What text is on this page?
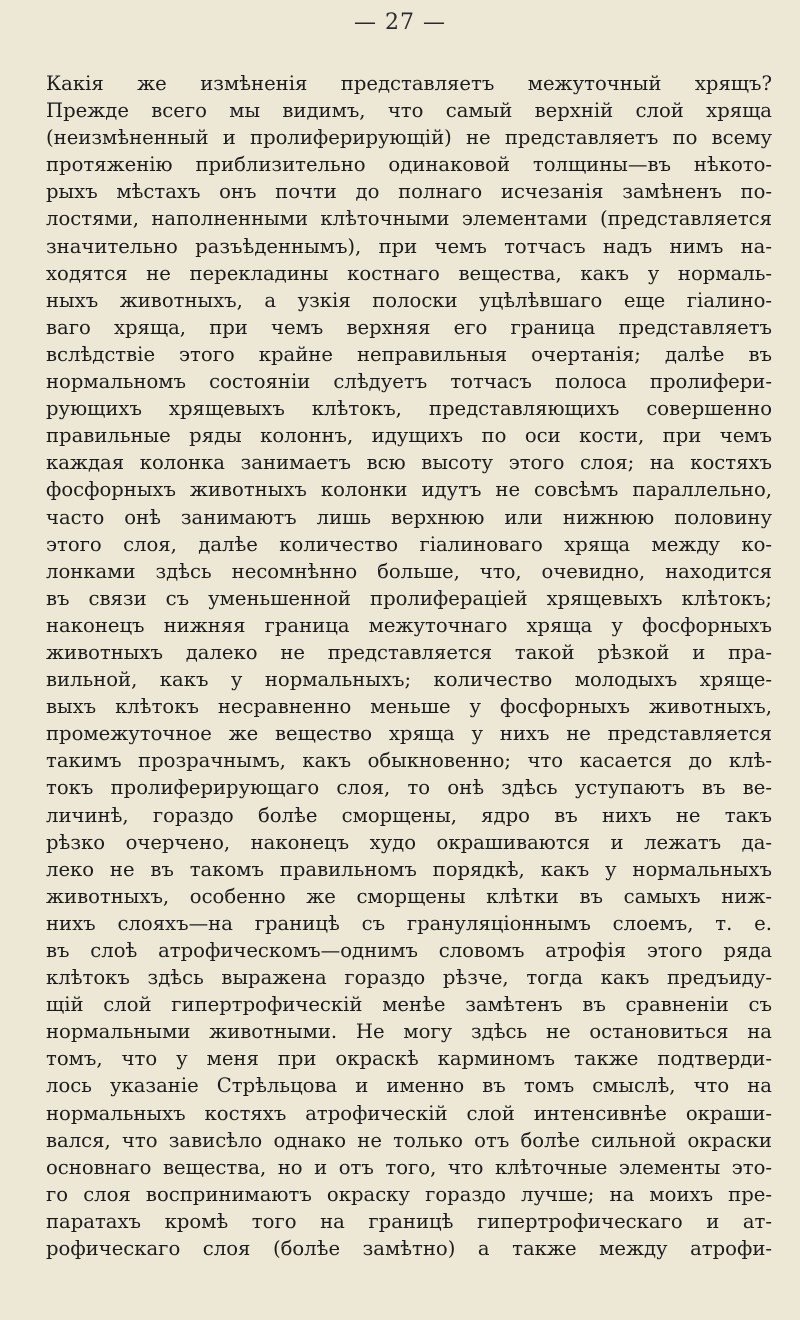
— 27 —
Какія же измѣненія представляетъ межуточный хрящъ?
Прежде всего мы видимъ, что самый верхній слой хряща
(неизмѣненный и пролиферирующій) не представляетъ по всему
протяженію приблизительно одинаковой толщины—въ нѣкото-
рыхъ мѣстахъ онъ почти до полнаго исчезанія замѣненъ по-
лостями, наполненными клѣточными элементами (представляется
значительно разъѣденнымъ), при чемъ тотчасъ надъ нимъ на-
ходятся не перекладины костнаго вещества, какъ у нормаль-
ныхъ животныхъ, а узкія полоски уцѣлѣвшаго еще гіалино-
ваго хряща, при чемъ верхняя его граница представляетъ
вслѣдствіе этого крайне неправильныя очертанія; далѣе въ
нормальномъ состояніи слѣдуетъ тотчасъ полоса пролифери-
рующихъ хрящевыхъ клѣтокъ, представляющихъ совершенно
правильные ряды колоннъ, идущихъ по оси кости, при чемъ
каждая колонка занимаетъ всю высоту этого слоя; на костяхъ
фосфорныхъ животныхъ колонки идутъ не совсѣмъ параллельно,
часто онѣ занимаютъ лишь верхнюю или нижнюю половину
этого слоя, далѣе количество гіалиноваго хряща между ко-
лонками здѣсь несомнѣнно больше, что, очевидно, находится
въ связи съ уменьшенной пролифераціей хрящевыхъ клѣтокъ;
наконецъ нижняя граница межуточнаго хряща у фосфорныхъ
животныхъ далеко не представляется такой рѣзкой и пра-
вильной, какъ у нормальныхъ; количество молодыхъ хряще-
выхъ клѣтокъ несравненно меньше у фосфорныхъ животныхъ,
промежуточное же вещество хряща у нихъ не представляется
такимъ прозрачнымъ, какъ обыкновенно; что касается до клѣ-
токъ пролиферирующаго слоя, то онѣ здѣсь уступаютъ въ ве-
личинѣ, гораздо болѣе сморщены, ядро въ нихъ не такъ
рѣзко очерчено, наконецъ худо окрашиваются и лежатъ да-
леко не въ такомъ правильномъ порядкѣ, какъ у нормальныхъ
животныхъ, особенно же сморщены клѣтки въ самыхъ ниж-
нихъ слояхъ—на границѣ съ грануляціоннымъ слоемъ, т. е.
въ слоѣ атрофическомъ—однимъ словомъ атрофія этого ряда
клѣтокъ здѣсь выражена гораздо рѣзче, тогда какъ предъиду-
щій слой гипертрофическій менѣе замѣтенъ въ сравненіи съ
нормальными животными. Не могу здѣсь не остановиться на
томъ, что у меня при окраскѣ карминомъ также подтверди-
лось указаніе Стрѣльцова и именно въ томъ смыслѣ, что на
нормальныхъ костяхъ атрофическій слой интенсивнѣе окраши-
вался, что зависѣло однако не только отъ болѣе сильной окраски
основнаго вещества, но и отъ того, что клѣточные элементы это-
го слоя воспринимаютъ окраску гораздо лучше; на моихъ пре-
паратахъ кромѣ того на границѣ гипертрофическаго и ат-
рофическаго слоя (болѣе замѣтно) а также между атрофи-
